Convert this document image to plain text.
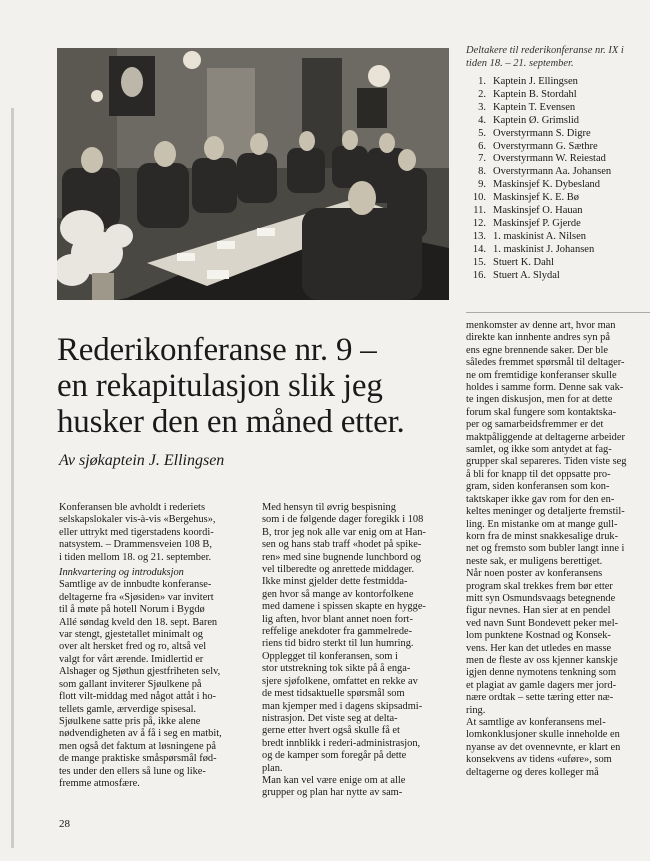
Deltakere til rederikonferanse nr. IX i
tiden 18. – 21. september.
1. Kaptein J. Ellingsen
2. Kaptein B. Stordahl
3. Kaptein T. Evensen
4. Kaptein Ø. Grimslid
5. Overstyrmann S. Digre
6. Overstyrmann G. Sæthre
7. Overstyrmann W. Reiestad
8. Overstyrmann Aa. Johansen
9. Maskinsjef K. Dybesland
10. Maskinsjef K. E. Bø
11. Maskinsjef O. Hauan
12. Maskinsjef P. Gjerde
13. 1. maskinist A. Nilsen
14. 1. maskinist J. Johansen
15. Stuert K. Dahl
16. Stuert A. Slydal
Rederikonferanse nr. 9 –
en rekapitulasjon slik jeg
husker den en måned etter.
Av sjøkaptein J. Ellingsen

Konferansen ble avholdt i rederiets

selskapslokaler vis-à-vis «Bergehus»,

eller uttrykt med tigerstadens koordi-

natsystem. – Drammensveien 108 B,

i tiden mellom 18. og 21. september.

Innkvartering og introduksjon

Samtlige av de innbudte konferanse-

deltagerne fra «Sjøsiden» var invitert

til å møte på hotell Norum i Bygdø

Allé søndag kveld den 18. sept. Baren

var stengt, gjestetallet minimalt og

over alt hersket fred og ro, altså vel

valgt for vårt ærende. Imidlertid er

Alshager og Sjøthun gjestfriheten selv,

som gallant inviterer Sjøulkene på

flott vilt-middag med något attåt i ho-

tellets gamle, ærverdige spisesal.

Sjøulkene satte pris på, ikke alene

nødvendigheten av å få i seg en matbit,

men også det faktum at løsningene på

de mange praktiske småspørsmål fød-

tes under den ellers så lune og like-

fremme atmosfære.

Med hensyn til øvrig bespisning

som i de følgende dager foregikk i 108

B, tror jeg nok alle var enig om at Han-

sen og hans stab traff «hodet på spike-

ren» med sine bugnende lunchbord og

vel tilberedte og anrettede middager.

Ikke minst gjelder dette festmidda-

gen hvor så mange av kontorfolkene

med damene i spissen skapte en hygge-

lig aften, hvor blant annet noen fort-

reffelige anekdoter fra gammelrede-

riens tid bidro sterkt til lun humring.

Opplegget til konferansen, som i

stor utstrekning tok sikte på å enga-

sjere sjøfolkene, omfattet en rekke av

de mest tidsaktuelle spørsmål som

man kjemper med i dagens skipsadmi-

nistrasjon. Det viste seg at delta-

gerne etter hvert også skulle få et

bredt innblikk i rederi-administrasjon,

og de kamper som foregår på dette

plan.

Man kan vel være enige om at alle

grupper og plan har nytte av sam-

menkomster av denne art, hvor man

direkte kan innhente andres syn på

ens egne brennende saker. Der ble

således fremmet spørsmål til deltager-

ne om fremtidige konferanser skulle

holdes i samme form. Denne sak vak-

te ingen diskusjon, men for at dette

forum skal fungere som kontaktska-

per og samarbeidsfremmer er det

maktpåliggende at deltagerne arbeider

samlet, og ikke som antydet at fag-

grupper skal separeres. Tiden viste seg

å bli for knapp til det oppsatte pro-

gram, siden konferansen som kon-

taktskaper ikke gav rom for den en-

keltes meninger og detaljerte fremstil-

ling. En mistanke om at mange gull-

korn fra de minst snakkesalige druk-

net og fremsto som bubler langt inne i

neste sak, er muligens berettiget.

Når noen poster av konferansens

program skal trekkes frem bør etter

mitt syn Osmundsvaags betegnende

figur nevnes. Han sier at en pendel

ved navn Sunt Bondevett peker mel-

lom punktene Kostnad og Konsek-

vens. Her kan det utledes en masse

men de fleste av oss kjenner kanskje

igjen denne nymotens tenkning som

et plagiat av gamle dagers mer jord-

nære ordtak – sette tæring etter næ-

ring.

At samtlige av konferansens mel-

lomkonklusjoner skulle inneholde en

nyanse av det ovennevnte, er klart en

konsekvens av tidens «uføre», som

deltagerne og deres kolleger må

28
